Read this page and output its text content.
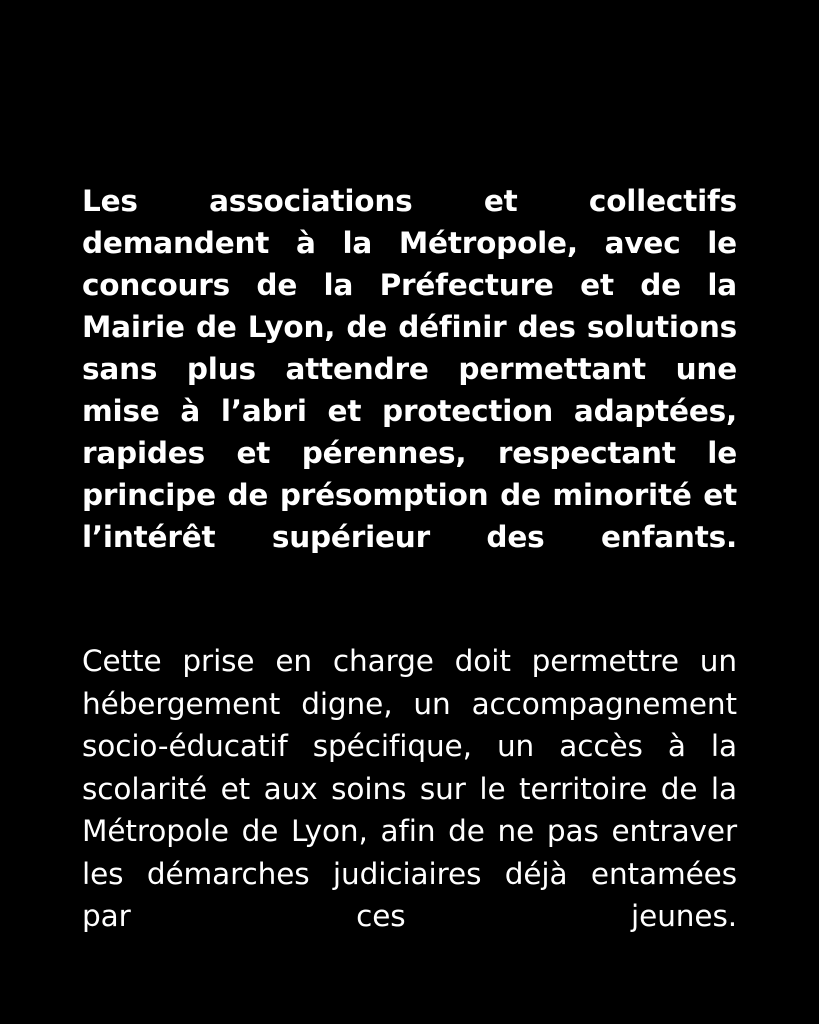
Les associations et collectifs demandent à la Métropole, avec le concours de la Préfecture et de la Mairie de Lyon, de définir des solutions sans plus attendre permettant une mise à l’abri et protection adaptées, rapides et pérennes, respectant le principe de présomption de minorité et l’intérêt supérieur des enfants.

Cette prise en charge doit permettre un hébergement digne, un accompagnement socio-éducatif spécifique, un accès à la scolarité et aux soins sur le territoire de la Métropole de Lyon, afin de ne pas entraver les démarches judiciaires déjà entamées par ces jeunes.
